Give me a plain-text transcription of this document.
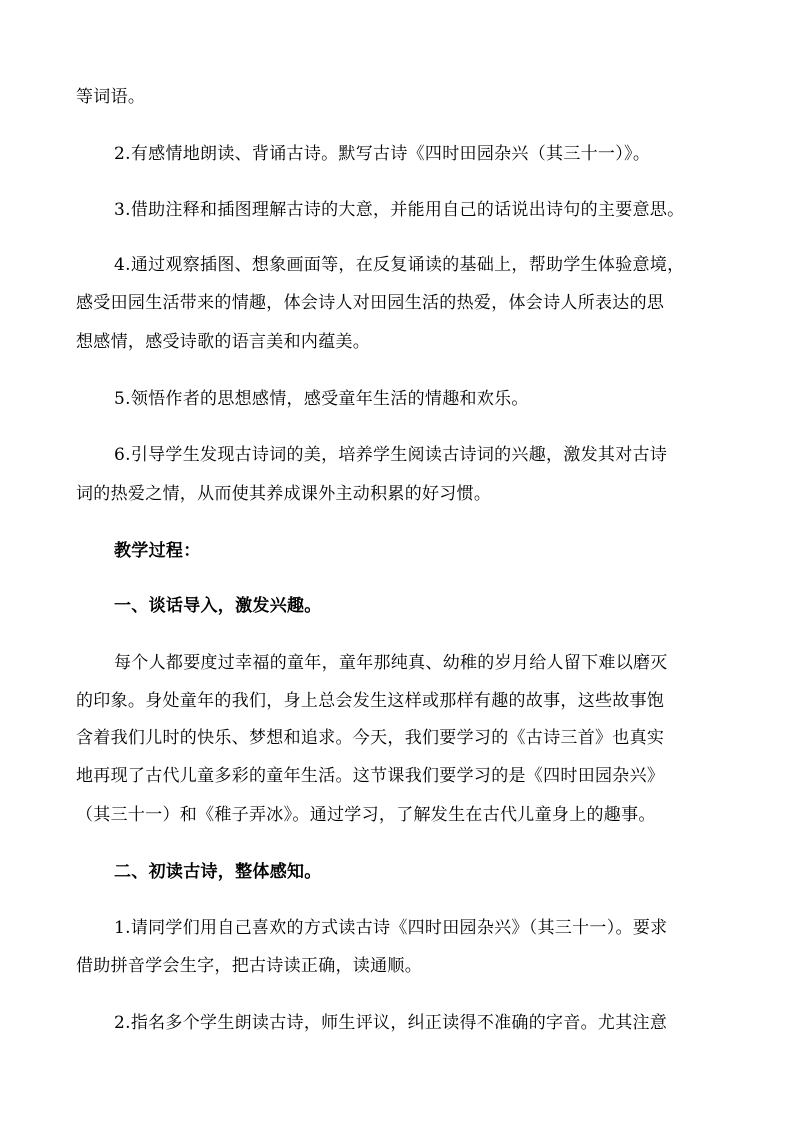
等词语。

2.有感情地朗读、背诵古诗。默写古诗《四时田园杂兴（其三十一）》。

3.借助注释和插图理解古诗的大意，并能用自己的话说出诗句的主要意思。

4.通过观察插图、想象画面等，在反复诵读的基础上，帮助学生体验意境，

感受田园生活带来的情趣，体会诗人对田园生活的热爱，体会诗人所表达的思

想感情，感受诗歌的语言美和内蕴美。

5.领悟作者的思想感情，感受童年生活的情趣和欢乐。

6.引导学生发现古诗词的美，培养学生阅读古诗词的兴趣，激发其对古诗

词的热爱之情，从而使其养成课外主动积累的好习惯。

教学过程：

一、谈话导入，激发兴趣。

每个人都要度过幸福的童年，童年那纯真、幼稚的岁月给人留下难以磨灭

的印象。身处童年的我们，身上总会发生这样或那样有趣的故事，这些故事饱

含着我们儿时的快乐、梦想和追求。今天，我们要学习的《古诗三首》也真实

地再现了古代儿童多彩的童年生活。这节课我们要学习的是《四时田园杂兴》

（其三十一）和《稚子弄冰》。通过学习，了解发生在古代儿童身上的趣事。

二、初读古诗，整体感知。

1.请同学们用自己喜欢的方式读古诗《四时田园杂兴》（其三十一）。要求

借助拼音学会生字，把古诗读正确，读通顺。

2.指名多个学生朗读古诗，师生评议，纠正读得不准确的字音。尤其注意
